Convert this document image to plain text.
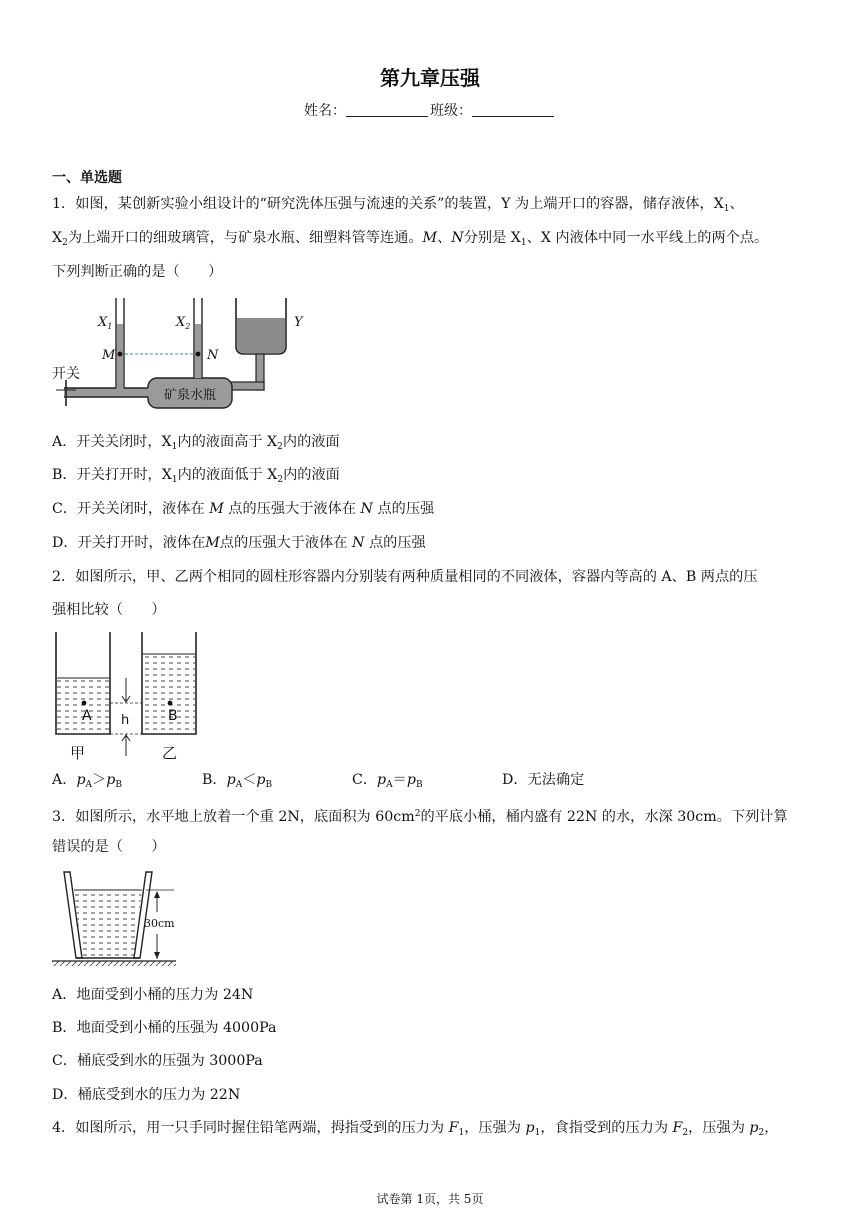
第九章压强
姓名：	班级：
一、单选题
1．如图，某创新实验小组设计的“研究洗体压强与流速的关系”的装置，Y 为上端开口的容器，储存液体，$X_1$、
$X_2$为上端开口的细玻璃管，与矿泉水瓶、细塑料管等连通。M、N分别是 $X_1$、X 内液体中同一水平线上的两个点。
下列判断正确的是（　　）
矿泉水瓶
开关
M	N
$X_1$	$X_2$	Y
A．开关关闭时，$X_1$内的液面高于 $X_2$内的液面
B．开关打开时，$X_1$内的液面低于 $X_2$内的液面
C．开关关闭时，液体在 M 点的压强大于液体在 N 点的压强
D．开关打开时，液体在M点的压强大于液体在 N 点的压强
2．如图所示，甲、乙两个相同的圆柱形容器内分别装有两种质量相同的不同液体，容器内等高的 A、B 两点的压
强相比较（　　）
A	B
h
甲	乙
A．$p_A>p_B$	B．$p_A<p_B$	C．$p_A=p_B$	D．无法确定
3．如图所示，水平地上放着一个重 2N，底面积为 $60cm^2$的平底小桶，桶内盛有 22N 的水，水深 30cm。下列计算
错误的是（　　）
30cm
A．地面受到小桶的压力为 24N
B．地面受到小桶的压强为 4000Pa
C．桶底受到水的压强为 3000Pa
D．桶底受到水的压力为 22N
4．如图所示，用一只手同时握住铅笔两端，拇指受到的压力为 $F_1$，压强为 $p_1$，食指受到的压力为 $F_2$，压强为 $p_2$，
试卷第 1页，共 5页
